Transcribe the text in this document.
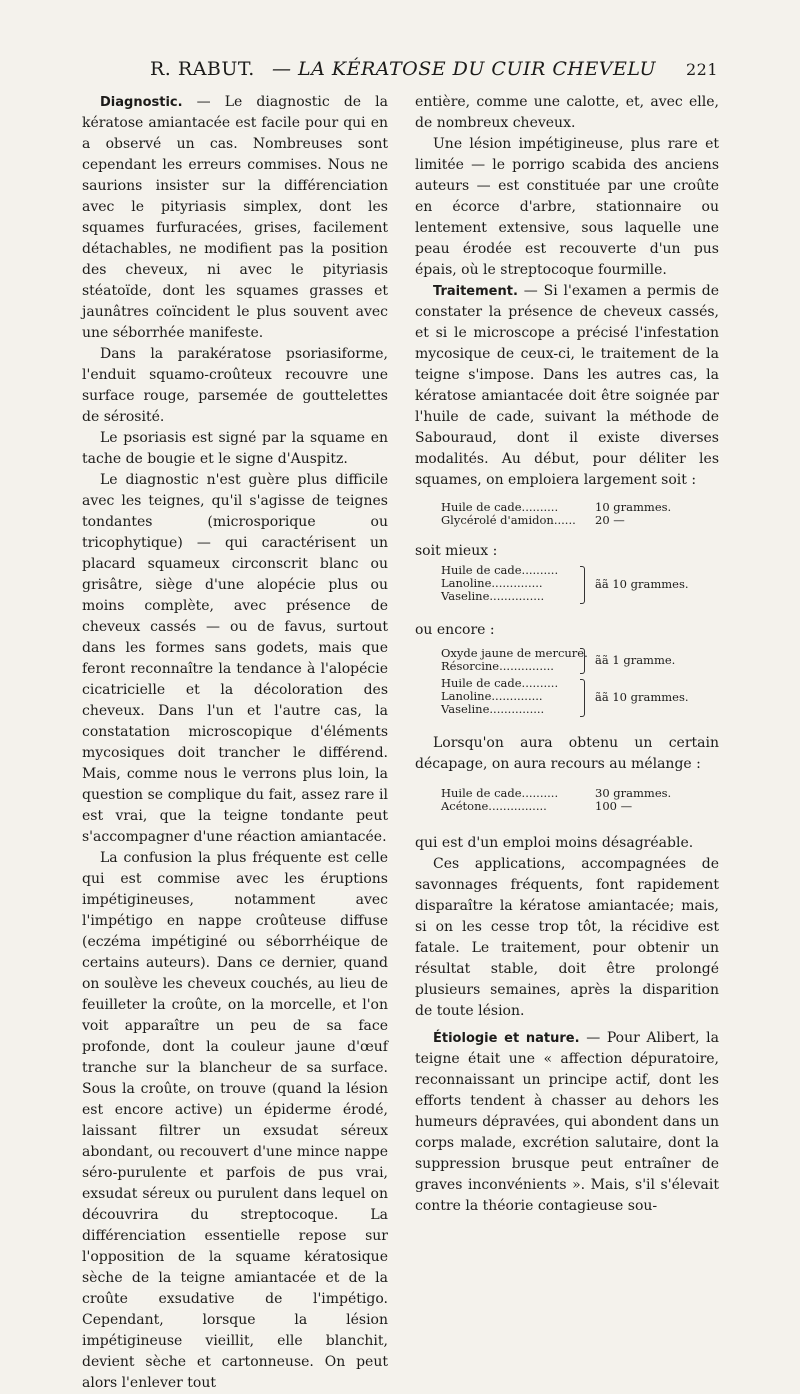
R. RABUT. — LA KÉRATOSE DU CUIR CHEVELU 221

Diagnostic. — Le diagnostic de la kératose amiantacée est facile pour qui en a observé un cas. Nombreuses sont cependant les erreurs commises. Nous ne saurions insister sur la différenciation avec le pityriasis simplex, dont les squames furfuracées, grises, facilement détachables, ne modifient pas la position des cheveux, ni avec le pityriasis stéatoïde, dont les squames grasses et jaunâtres coïncident le plus souvent avec une séborrhée manifeste.

Dans la parakératose psoriasiforme, l'enduit squamo-croûteux recouvre une surface rouge, parsemée de gouttelettes de sérosité.

Le psoriasis est signé par la squame en tache de bougie et le signe d'Auspitz.

Le diagnostic n'est guère plus difficile avec les teignes, qu'il s'agisse de teignes tondantes (microsporique ou tricophytique) — qui caractérisent un placard squameux circonscrit blanc ou grisâtre, siège d'une alopécie plus ou moins complète, avec présence de cheveux cassés — ou de favus, surtout dans les formes sans godets, mais que feront reconnaître la tendance à l'alopécie cicatricielle et la décoloration des cheveux. Dans l'un et l'autre cas, la constatation microscopique d'éléments mycosiques doit trancher le différend. Mais, comme nous le verrons plus loin, la question se complique du fait, assez rare il est vrai, que la teigne tondante peut s'accompagner d'une réaction amiantacée.

La confusion la plus fréquente est celle qui est commise avec les éruptions impétigineuses, notamment avec l'impétigo en nappe croûteuse diffuse (eczéma impétiginé ou séborrhéique de certains auteurs). Dans ce dernier, quand on soulève les cheveux couchés, au lieu de feuilleter la croûte, on la morcelle, et l'on voit apparaître un peu de sa face profonde, dont la couleur jaune d'œuf tranche sur la blancheur de sa surface. Sous la croûte, on trouve (quand la lésion est encore active) un épiderme érodé, laissant filtrer un exsudat séreux abondant, ou recouvert d'une mince nappe séro-purulente et parfois de pus vrai, exsudat séreux ou purulent dans lequel on découvrira du streptocoque. La différenciation essentielle repose sur l'opposition de la squame kératosique sèche de la teigne amiantacée et de la croûte exsudative de l'impétigo. Cependant, lorsque la lésion impétigineuse vieillit, elle blanchit, devient sèche et cartonneuse. On peut alors l'enlever tout

entière, comme une calotte, et, avec elle, de nombreux cheveux.

Une lésion impétigineuse, plus rare et limitée — le porrigo scabida des anciens auteurs — est constituée par une croûte en écorce d'arbre, stationnaire ou lentement extensive, sous laquelle une peau érodée est recouverte d'un pus épais, où le streptocoque fourmille.

Traitement. — Si l'examen a permis de constater la présence de cheveux cassés, et si le microscope a précisé l'infestation mycosique de ceux-ci, le traitement de la teigne s'impose. Dans les autres cas, la kératose amiantacée doit être soignée par l'huile de cade, suivant la méthode de Sabouraud, dont il existe diverses modalités. Au début, pour déliter les squames, on emploiera largement soit :

Huile de cade..........	10 grammes.
Glycérolé d'amidon...... 20 —
soit mieux :
Huile de cade..........
Lanoline..............
Vaseline...............
ãã 10 grammes.
ou encore :
Oxyde jaune de mercure.
Résorcine...............	ãã 1 gramme.
Huile de cade..........
Lanoline..............
Vaseline...............
ãã 10 grammes.

Lorsqu'on aura obtenu un certain décapage, on aura recours au mélange :

Huile de cade..........	30 grammes.
Acétone................	100 —

qui est d'un emploi moins désagréable.

Ces applications, accompagnées de savonnages fréquents, font rapidement disparaître la kératose amiantacée; mais, si on les cesse trop tôt, la récidive est fatale. Le traitement, pour obtenir un résultat stable, doit être prolongé plusieurs semaines, après la disparition de toute lésion.

Étiologie et nature. — Pour Alibert, la teigne était une « affection dépuratoire, reconnaissant un principe actif, dont les efforts tendent à chasser au dehors les humeurs dépravées, qui abondent dans un corps malade, excrétion salutaire, dont la suppression brusque peut entraîner de graves inconvénients ». Mais, s'il s'élevait contre la théorie contagieuse sou-
